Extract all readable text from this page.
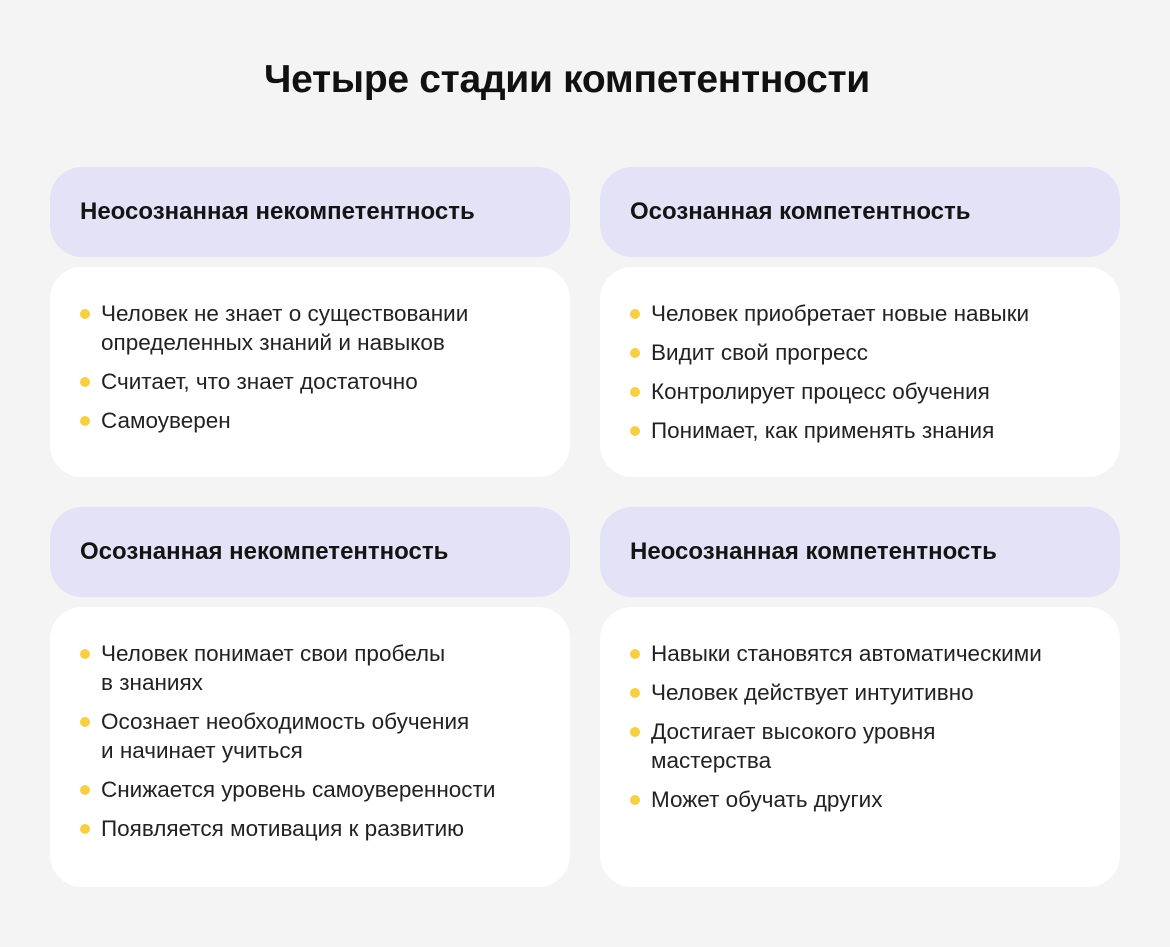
Четыре стадии компетентности
Неосознанная некомпетентность
Человек не знает о существовании
определенных знаний и навыков
Считает, что знает достаточно
Самоуверен
Осознанная компетентность
Человек приобретает новые навыки
Видит свой прогресс
Контролирует процесс обучения
Понимает, как применять знания
Осознанная некомпетентность
Человек понимает свои пробелы
в знаниях
Осознает необходимость обучения
и начинает учиться
Снижается уровень самоуверенности
Появляется мотивация к развитию
Неосознанная компетентность
Навыки становятся автоматическими
Человек действует интуитивно
Достигает высокого уровня
мастерства
Может обучать других
